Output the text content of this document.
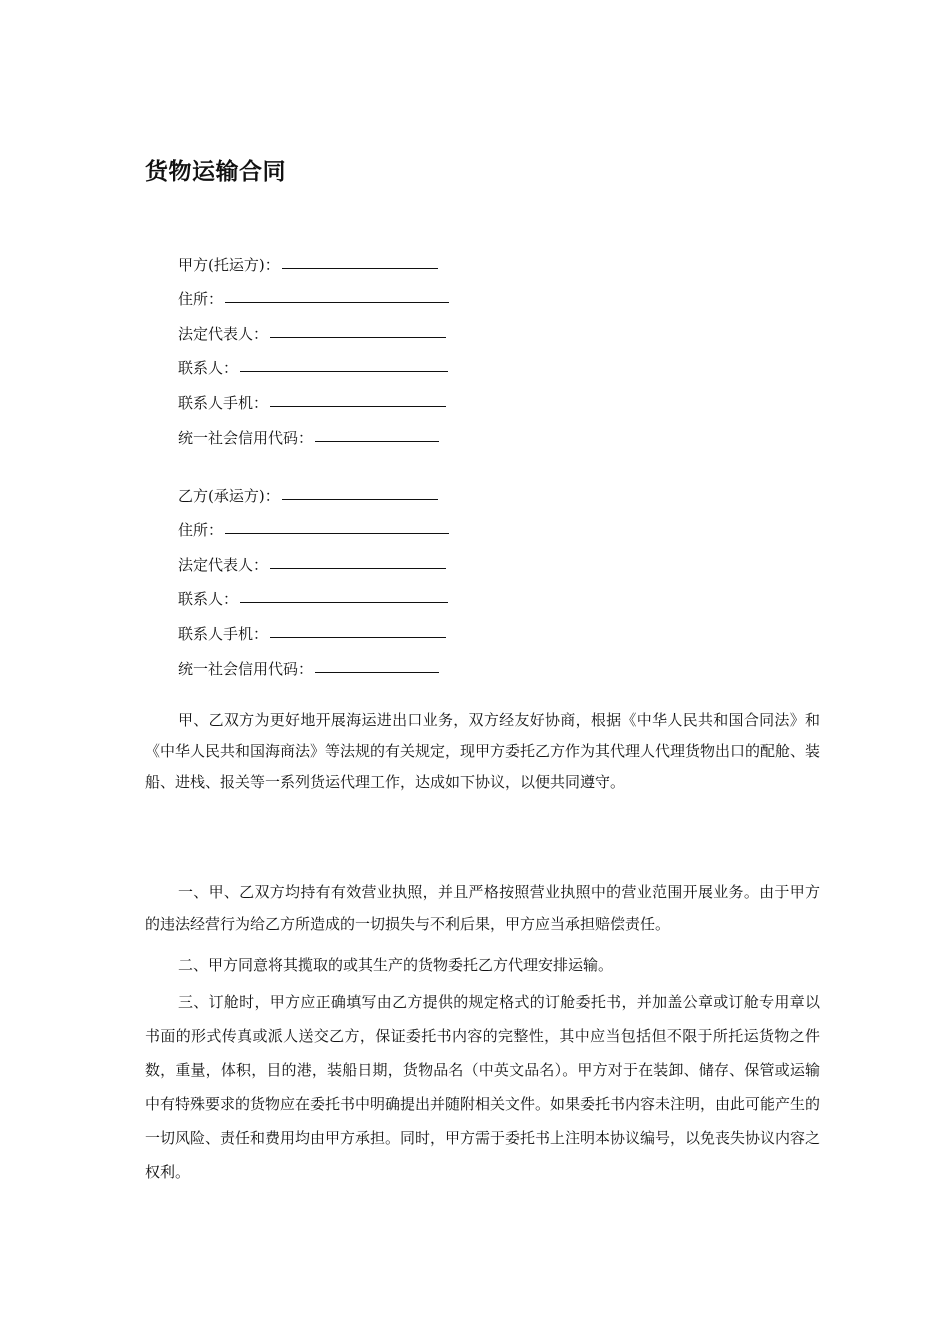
货物运输合同
甲方(托运方)：
住所：
法定代表人：
联系人：
联系人手机：
统一社会信用代码：
乙方(承运方)：
住所：
法定代表人：
联系人：
联系人手机：
统一社会信用代码：

甲、乙双方为更好地开展海运进出口业务，双方经友好协商，根据《中华人民共和国合同法》和《中华人民共和国海商法》等法规的有关规定，现甲方委托乙方作为其代理人代理货物出口的配舱、装船、进栈、报关等一系列货运代理工作，达成如下协议，以便共同遵守。

一、甲、乙双方均持有有效营业执照，并且严格按照营业执照中的营业范围开展业务。由于甲方的违法经营行为给乙方所造成的一切损失与不利后果，甲方应当承担赔偿责任。

二、甲方同意将其揽取的或其生产的货物委托乙方代理安排运输。

三、订舱时，甲方应正确填写由乙方提供的规定格式的订舱委托书，并加盖公章或订舱专用章以书面的形式传真或派人送交乙方，保证委托书内容的完整性，其中应当包括但不限于所托运货物之件数，重量，体积，目的港，装船日期，货物品名（中英文品名）。甲方对于在装卸、储存、保管或运输中有特殊要求的货物应在委托书中明确提出并随附相关文件。如果委托书内容未注明，由此可能产生的一切风险、责任和费用均由甲方承担。同时，甲方需于委托书上注明本协议编号，以免丧失协议内容之权利。
